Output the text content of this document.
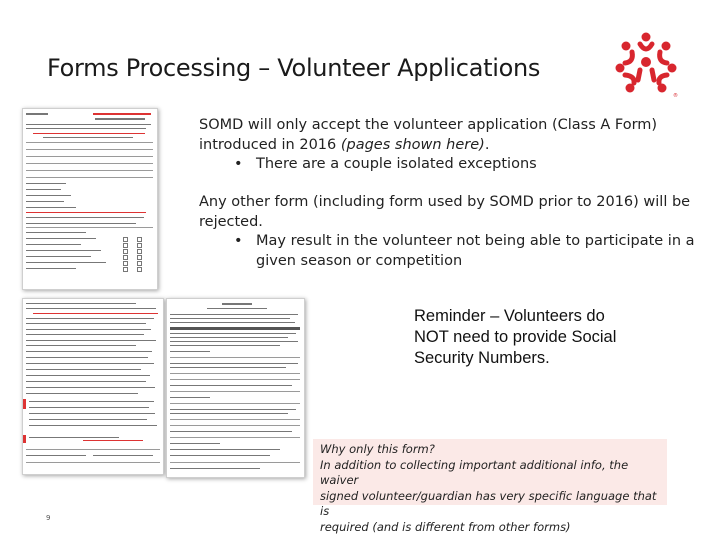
Forms Processing – Volunteer Applications
®
SOMD will only accept the volunteer application (Class A Form)
introduced in 2016 (pages shown here).
• There are a couple isolated exceptions
Any other form (including form used by SOMD prior to 2016) will be
rejected.
• May result in the volunteer not being able to participate in a
given season or competition
Reminder – Volunteers do
NOT need to provide Social
Security Numbers.
Why only this form?
In addition to collecting important additional info, the waiver
signed volunteer/guardian has very specific language that is
required (and is different from other forms)
9
